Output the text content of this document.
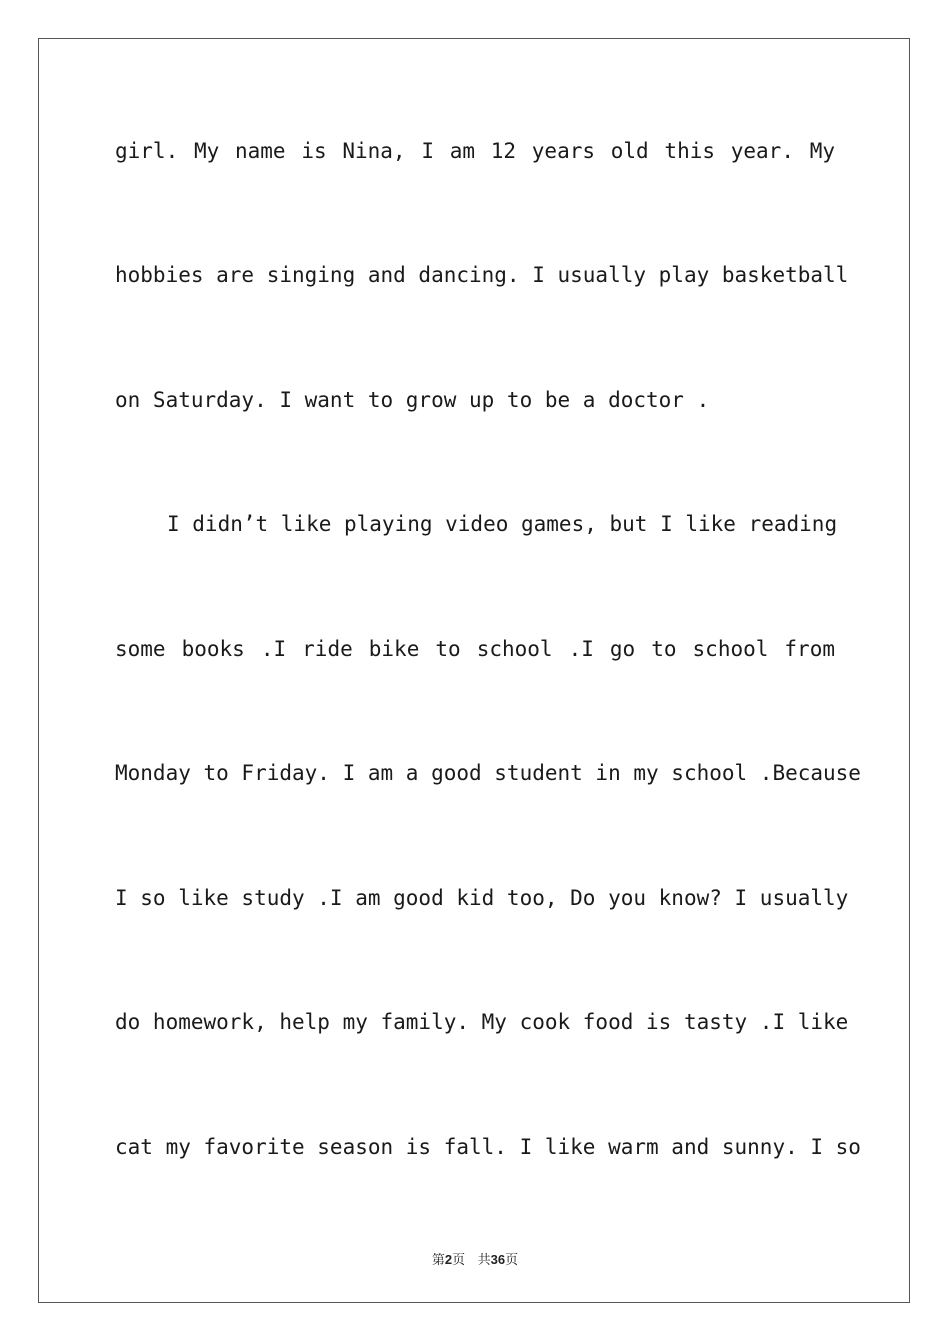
girl. My name is Nina, I am 12 years old this year. My
hobbies are singing and dancing. I usually play basketball
on Saturday. I want to grow up to be a doctor .
I didn’t like playing video games, but I like reading
some books .I ride bike to school .I go to school from
Monday to Friday. I am a good student in my school .Because
I so like study .I am good kid too, Do you know? I usually
do homework, help my family. My cook food is tasty .I like
cat my favorite season is fall. I like warm and sunny. I so
第2页 共36页
